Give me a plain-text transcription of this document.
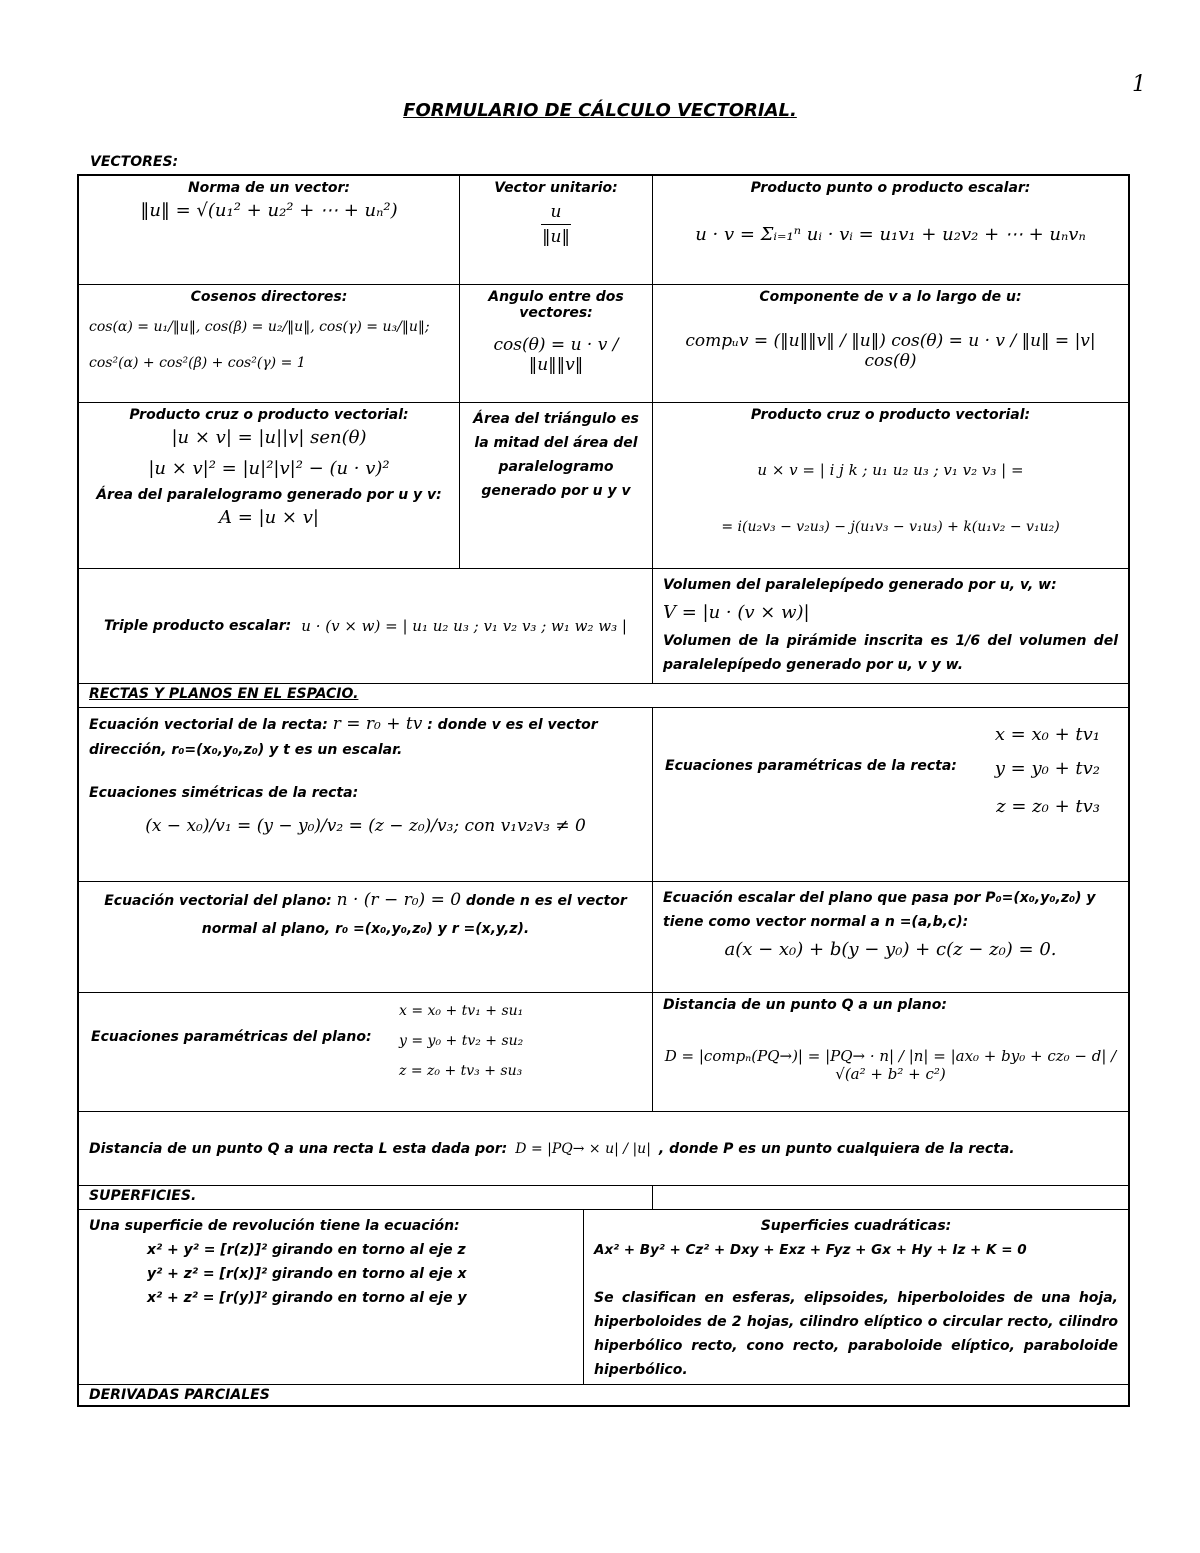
1
FORMULARIO DE CÁLCULO VECTORIAL.
VECTORES:
Norma de un vector:
‖u‖ = √(u₁² + u₂² + ⋯ + uₙ²)
Vector unitario:
u
‖u‖
Producto punto o producto escalar:
u · v = Σᵢ₌₁ⁿ uᵢ · vᵢ = u₁v₁ + u₂v₂ + ⋯ + uₙvₙ
Cosenos directores:
cos(α) = u₁/‖u‖, cos(β) = u₂/‖u‖, cos(γ) = u₃/‖u‖;
cos²(α) + cos²(β) + cos²(γ) = 1
Angulo entre dos vectores:
cos(θ) = u · v / ‖u‖‖v‖
Componente de v a lo largo de u:
compᵤv = (‖u‖‖v‖ / ‖u‖) cos(θ) = u · v / ‖u‖ = |v| cos(θ)
Producto cruz o producto vectorial:
|u × v| = |u||v| sen(θ)
|u × v|² = |u|²|v|² − (u · v)²
Área del paralelogramo generado por u y v:
A = |u × v|
Área del triángulo es la mitad del área del paralelogramo generado por u y v
Producto cruz o producto vectorial:
u × v = | i j k ; u₁ u₂ u₃ ; v₁ v₂ v₃ | =
= i(u₂v₃ − v₂u₃) − j(u₁v₃ − v₁u₃) + k(u₁v₂ − v₁u₂)
Triple producto escalar: u · (v × w) = | u₁ u₂ u₃ ; v₁ v₂ v₃ ; w₁ w₂ w₃ |
Volumen del paralelepípedo generado por u, v, w:
V = |u · (v × w)|
Volumen de la pirámide inscrita es 1/6 del volumen del paralelepípedo generado por u, v y w.
RECTAS Y PLANOS EN EL ESPACIO.
Ecuación vectorial de la recta: r = r₀ + tv : donde v es el vector dirección, r₀=(x₀,y₀,z₀) y t es un escalar.
Ecuaciones simétricas de la recta:
(x − x₀)/v₁ = (y − y₀)/v₂ = (z − z₀)/v₃; con v₁v₂v₃ ≠ 0
x = x₀ + tv₁
Ecuaciones paramétricas de la recta: y = y₀ + tv₂
z = z₀ + tv₃
Ecuación vectorial del plano: n · (r − r₀) = 0 donde n es el vector normal al plano, r₀ =(x₀,y₀,z₀) y r =(x,y,z).
Ecuación escalar del plano que pasa por P₀=(x₀,y₀,z₀) y tiene como vector normal a n =(a,b,c):
a(x − x₀) + b(y − y₀) + c(z − z₀) = 0.
x = x₀ + tv₁ + su₁
Ecuaciones paramétricas del plano: y = y₀ + tv₂ + su₂
z = z₀ + tv₃ + su₃
Distancia de un punto Q a un plano:
D = |compₙ(PQ→)| = |PQ→ · n| / |n| = |ax₀ + by₀ + cz₀ − d| / √(a² + b² + c²)
Distancia de un punto Q a una recta L esta dada por: D = |PQ→ × u| / |u| , donde P es un punto cualquiera de la recta.
SUPERFICIES.
Una superficie de revolución tiene la ecuación:
x² + y² = [r(z)]² girando en torno al eje z
y² + z² = [r(x)]² girando en torno al eje x
x² + z² = [r(y)]² girando en torno al eje y
Superficies cuadráticas:
Ax² + By² + Cz² + Dxy + Exz + Fyz + Gx + Hy + Iz + K = 0
Se clasifican en esferas, elipsoides, hiperboloides de una hoja, hiperboloides de 2 hojas, cilindro elíptico o circular recto, cilindro hiperbólico recto, cono recto, paraboloide elíptico, paraboloide hiperbólico.
DERIVADAS PARCIALES
